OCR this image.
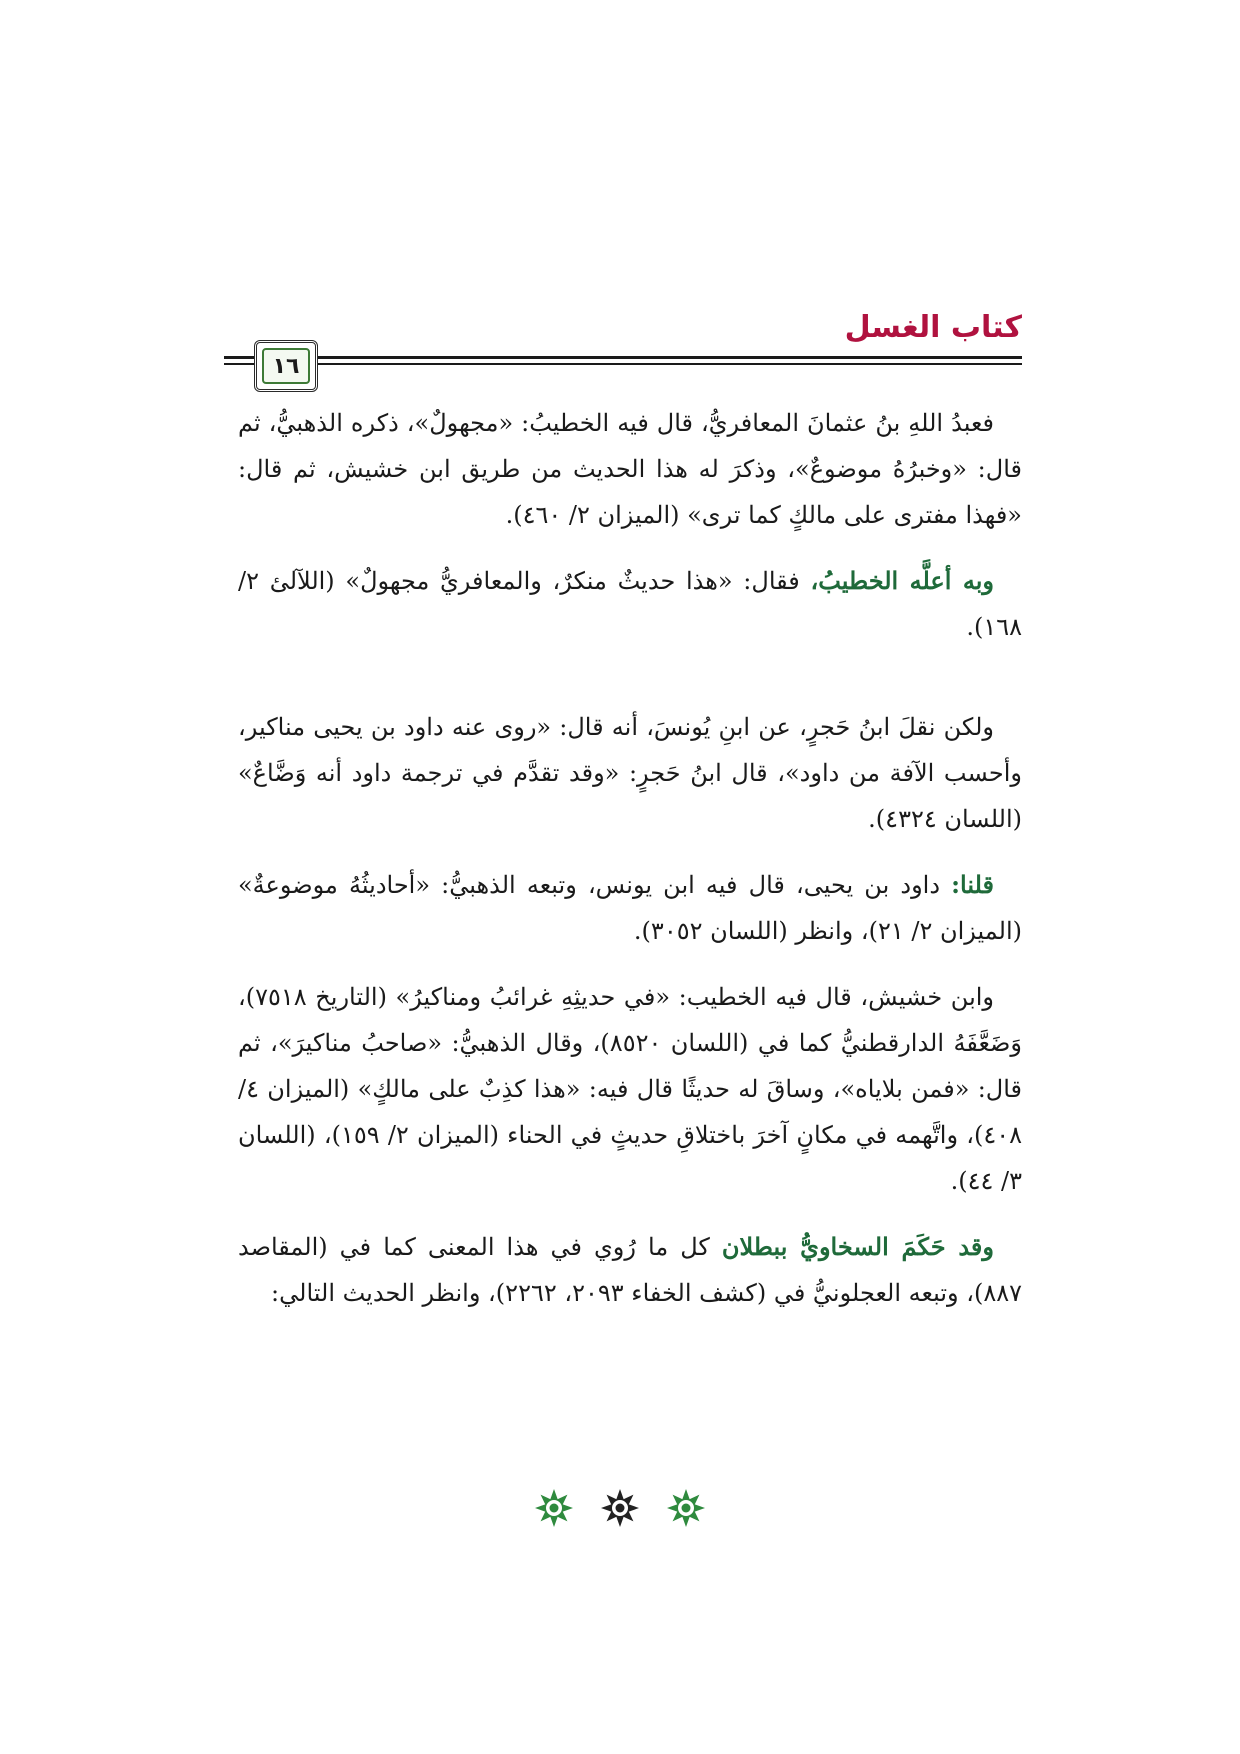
كتاب الغسل
١٦

فعبدُ اللهِ بنُ عثمانَ المعافريُّ، قال فيه الخطيبُ: «مجهولٌ»، ذكره الذهبيُّ، ثم قال: «وخبرُهُ موضوعٌ»، وذكرَ له هذا الحديث من طريق ابن خشيش، ثم قال: «فهذا مفترى على مالكٍ كما ترى» (الميزان ٢/ ٤٦٠).

وبه أعلَّه الخطيبُ، فقال: «هذا حديثٌ منكرٌ، والمعافريُّ مجهولٌ» (اللآلئ ٢/ ١٦٨).

ولكن نقلَ ابنُ حَجرٍ، عن ابنِ يُونسَ، أنه قال: «روى عنه داود بن يحيى مناكير، وأحسب الآفة من داود»، قال ابنُ حَجرٍ: «وقد تقدَّم في ترجمة داود أنه وَضَّاعٌ» (اللسان ٤٣٢٤).

قلنا: داود بن يحيى، قال فيه ابن يونس، وتبعه الذهبيُّ: «أحاديثُهُ موضوعةٌ» (الميزان ٢/ ٢١)، وانظر (اللسان ٣٠٥٢).

وابن خشيش، قال فيه الخطيب: «في حديثِهِ غرائبُ ومناكيرُ» (التاريخ ٧٥١٨)، وَضَعَّفَهُ الدارقطنيُّ كما في (اللسان ٨٥٢٠)، وقال الذهبيُّ: «صاحبُ مناكيرَ»، ثم قال: «فمن بلاياه»، وساقَ له حديثًا قال فيه: «هذا كذِبٌ على مالكٍ» (الميزان ٤/ ٤٠٨)، واتَّهمه في مكانٍ آخرَ باختلاقِ حديثٍ في الحناء (الميزان ٢/ ١٥٩)، (اللسان ٣/ ٤٤).

وقد حَكَمَ السخاويُّ ببطلان كل ما رُوي في هذا المعنى كما في (المقاصد ٨٨٧)، وتبعه العجلونيُّ في (كشف الخفاء ٢٠٩٣، ٢٢٦٢)، وانظر الحديث التالي:
